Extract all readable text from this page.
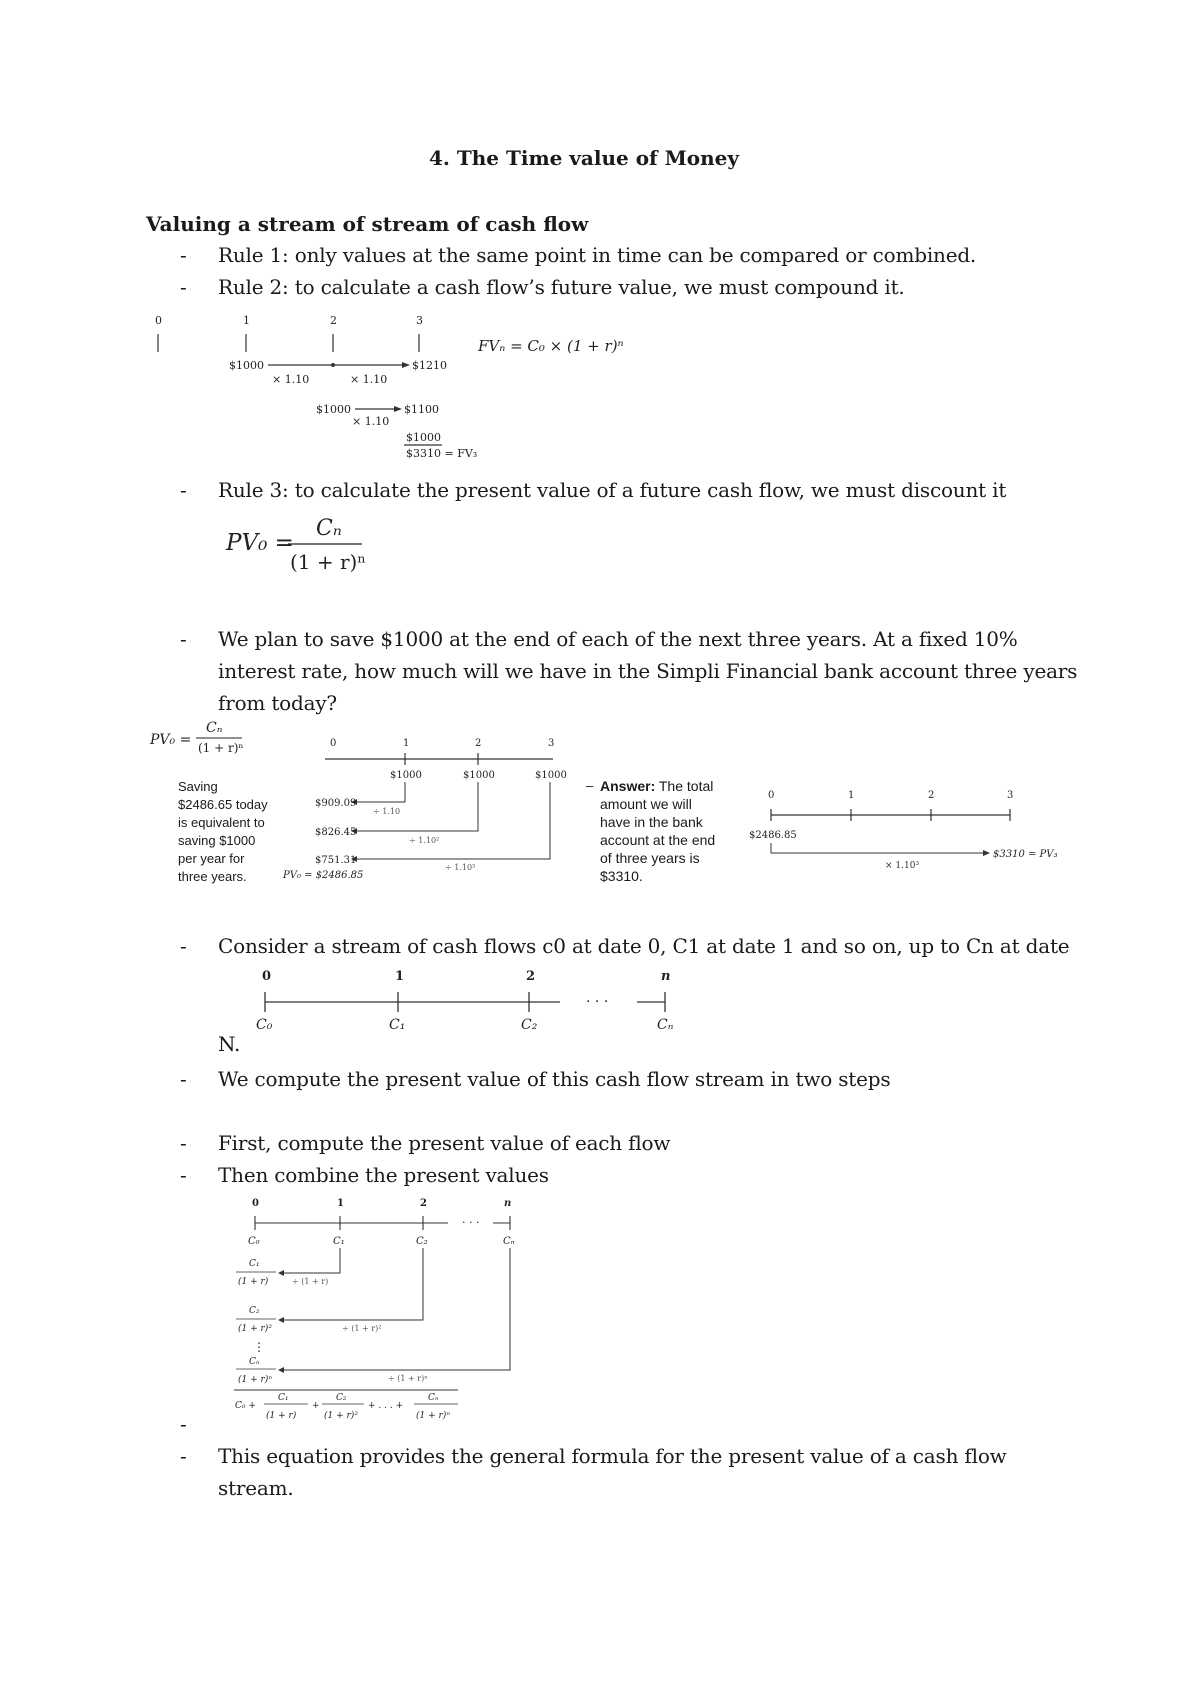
4. The Time value of Money
Valuing a stream of stream of cash flow
- Rule 1: only values at the same point in time can be compared or combined.
- Rule 2: to calculate a cash flow’s future value, we must compound it.
0	1	2	3
$1000	$1210
× 1.10	× 1.10
$1000	$1100
× 1.10
$1000
$3310 = FV₃
FVₙ = C₀ × (1 + r)ⁿ
- Rule 3: to calculate the present value of a future cash flow, we must discount it
PV₀ =
Cₙ
(1 + r)ⁿ
- We plan to save $1000 at the end of each of the next three years. At a fixed 10%
interest rate, how much will we have in the Simpli Financial bank account three years
from today?
PV₀ =
Cₙ
(1 + r)ⁿ
Saving
$2486.65 today
is equivalent to
saving $1000
per year for
three years.
0	1	2	3
$1000	$1000	$1000
$909.09
$826.45
$751.31
÷ 1.10
÷ 1.10²
÷ 1.10³
PV₀ = $2486.85
– Answer: The total
amount we will
have in the bank
account at the end
of three years is
$3310.
0	1	2	3
$2486.85
$3310 = PV₃
× 1.10³
- Consider a stream of cash flows c0 at date 0, C1 at date 1 and so on, up to Cn at date
0	1	2	n
· · ·
C₀	C₁	C₂	Cₙ
N.
- We compute the present value of this cash flow stream in two steps
- First, compute the present value of each flow
- Then combine the present values
0	1	2	n
· · ·
C₀	C₁	C₂	Cₙ
C₁
(1 + r)
C₂
(1 + r)²
Cₙ
(1 + r)ⁿ
⋮
÷ (1 + r)
÷ (1 + r)²
÷ (1 + r)ⁿ
C₀ +
C₁
(1 + r)
+
C₂
(1 + r)²
+ . . . +
Cₙ
(1 + r)ⁿ
-
- This equation provides the general formula for the present value of a cash flow
stream.
